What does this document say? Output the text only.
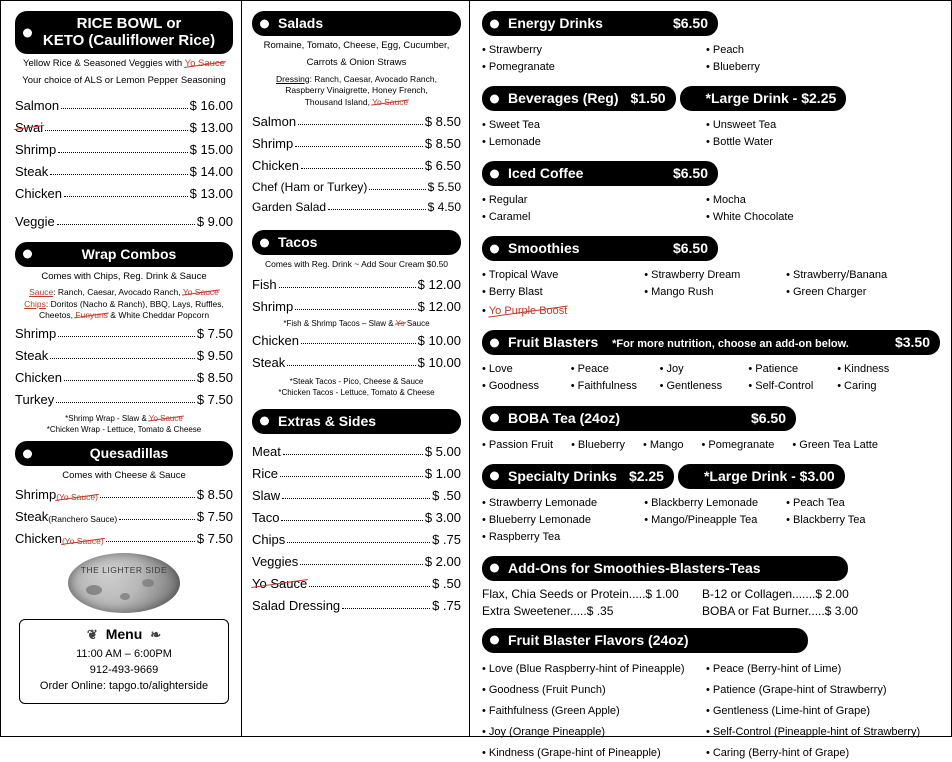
RICE BOWL or
KETO (Cauliflower Rice)
Yellow Rice & Seasoned Veggies with Yo Sauce
Your choice of ALS or Lemon Pepper Seasoning
Salmon	$ 16.00
Swai	$ 13.00
Shrimp	$ 15.00
Steak	$ 14.00
Chicken	$ 13.00
Veggie	$ 9.00
Wrap Combos
Comes with Chips, Reg. Drink & Sauce
Sauce: Ranch, Caesar, Avocado Ranch, Yo Sauce
Chips: Doritos (Nacho & Ranch), BBQ, Lays, Ruffles,
Cheetos, Funyuns & White Cheddar Popcorn
Shrimp	$ 7.50
Steak	$ 9.50
Chicken	$ 8.50
Turkey	$ 7.50
*Shrimp Wrap - Slaw & Yo Sauce
*Chicken Wrap - Lettuce, Tomato & Cheese
Quesadillas
Comes with Cheese & Sauce
Shrimp (Yo Sauce)	$ 8.50
Steak (Rancherо Sauce)	$ 7.50
Chicken (Yo Sauce)	$ 7.50
THE LIGHTER SIDE
❦ Menu ❧
11:00 AM – 6:00PM
912-493-9669
Order Online: tapgo.to/alighterside
Salads
Romaine, Tomato, Cheese, Egg, Cucumber,
Carrots & Onion Straws
Dressing: Ranch, Caesar, Avocado Ranch,
Raspberry Vinaigrette, Honey French,
Thousand Island, Yo Sauce
Salmon	$ 8.50
Shrimp	$ 8.50
Chicken	$ 6.50
Chef (Ham or Turkey)	$ 5.50
Garden Salad	$ 4.50
Tacos
Comes with Reg. Drink ~ Add Sour Cream $0.50
Fish	$ 12.00
Shrimp	$ 12.00
*Fish & Shrimp Tacos – Slaw & Yo Sauce
Chicken	$ 10.00
Steak	$ 10.00
*Steak Tacos - Pico, Cheese & Sauce
*Chicken Tacos - Lettuce, Tomato & Cheese
Extras & Sides
Meat	$ 5.00
Rice	$ 1.00
Slaw	$ .50
Taco	$ 3.00
Chips	$ .75
Veggies	$ 2.00
Yo Sauce	$ .50
Salad Dressing	$ .75
Energy Drinks	$6.50
• Strawberry	• Peach
• Pomegranate	• Blueberry
Beverages (Reg) $1.50	*Large Drink - $2.25
• Sweet Tea	• Unsweet Tea
• Lemonade	• Bottle Water
Iced Coffee	$6.50
• Regular	• Mocha
• Caramel	• White Chocolate
Smoothies	$6.50
• Tropical Wave	• Strawberry Dream	• Strawberry/Banana
• Berry Blast	• Mango Rush	• Green Charger
• Yo Purple Boost
Fruit Blasters	$3.50
*For more nutrition, choose an add-on below.
• Love	• Peace	• Joy	• Patience	• Kindness
• Goodness	• Faithfulness	• Gentleness	• Self-Control	• Caring
BOBA Tea (24oz)	$6.50
• Passion Fruit • Blueberry • Mango • Pomegranate • Green Tea Latte
Specialty Drinks $2.25	*Large Drink - $3.00
• Strawberry Lemonade	• Blackberry Lemonade	• Peach Tea
• Blueberry Lemonade	• Mango/Pineapple Tea	• Blackberry Tea
• Raspberry Tea
Add-Ons for Smoothies-Blasters-Teas
Flax, Chia Seeds or Protein.....$ 1.00	B-12 or Collagen.......$ 2.00
Extra Sweetener.....$ .35	BOBA or Fat Burner.....$ 3.00
Fruit Blaster Flavors (24oz)
• Love (Blue Raspberry-hint of Pineapple)	• Peace (Berry-hint of Lime)
• Goodness (Fruit Punch)	• Patience (Grape-hint of Strawberry)
• Faithfulness (Green Apple)	• Gentleness (Lime-hint of Grape)
• Joy (Orange Pineapple)	• Self-Control (Pineapple-hint of Strawberry)
• Kindness (Grape-hint of Pineapple)	• Caring (Berry-hint of Grape)
